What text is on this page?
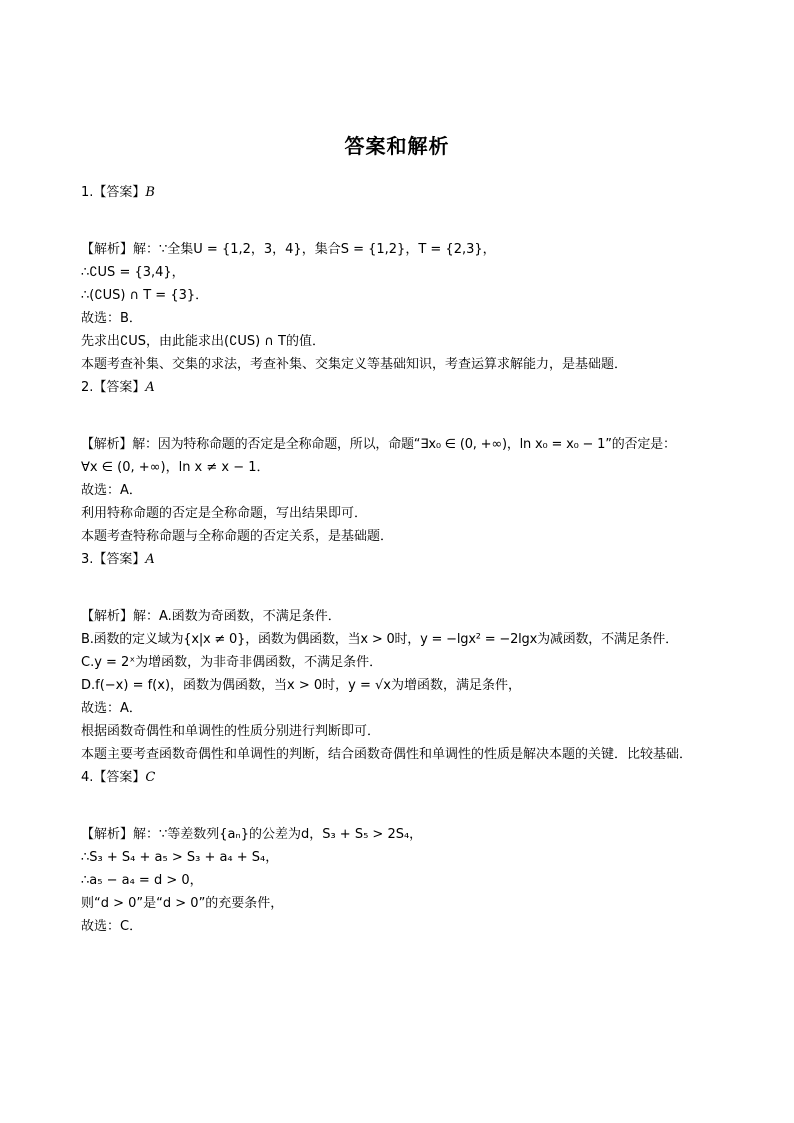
答案和解析
1.【答案】B
【解析】解：∵全集U = {1,2，3，4}，集合S = {1,2}，T = {2,3}，
∴∁US = {3,4}，
∴(∁US) ∩ T = {3}．
故选：B．
先求出∁US，由此能求出(∁US) ∩ T的值．
本题考查补集、交集的求法，考查补集、交集定义等基础知识，考查运算求解能力，是基础题．
2.【答案】A
【解析】解：因为特称命题的否定是全称命题，所以，命题“∃x₀ ∈ (0, +∞)，ln x₀ = x₀ − 1”的否定是：
∀x ∈ (0, +∞)，ln x ≠ x − 1．
故选：A．
利用特称命题的否定是全称命题，写出结果即可．
本题考查特称命题与全称命题的否定关系，是基础题．
3.【答案】A
【解析】解：A.函数为奇函数，不满足条件．
B.函数的定义域为{x|x ≠ 0}，函数为偶函数，当x > 0时，y = −lgx² = −2lgx为减函数，不满足条件．
C.y = 2ˣ为增函数，为非奇非偶函数，不满足条件．
D.f(−x) = f(x)，函数为偶函数，当x > 0时，y = √x为增函数，满足条件，
故选：A．
根据函数奇偶性和单调性的性质分别进行判断即可．
本题主要考查函数奇偶性和单调性的判断，结合函数奇偶性和单调性的性质是解决本题的关键．比较基础．
4.【答案】C
【解析】解：∵等差数列{aₙ}的公差为d，S₃ + S₅ > 2S₄，
∴S₃ + S₄ + a₅ > S₃ + a₄ + S₄，
∴a₅ − a₄ = d > 0，
则“d > 0”是“d > 0”的充要条件，
故选：C．
